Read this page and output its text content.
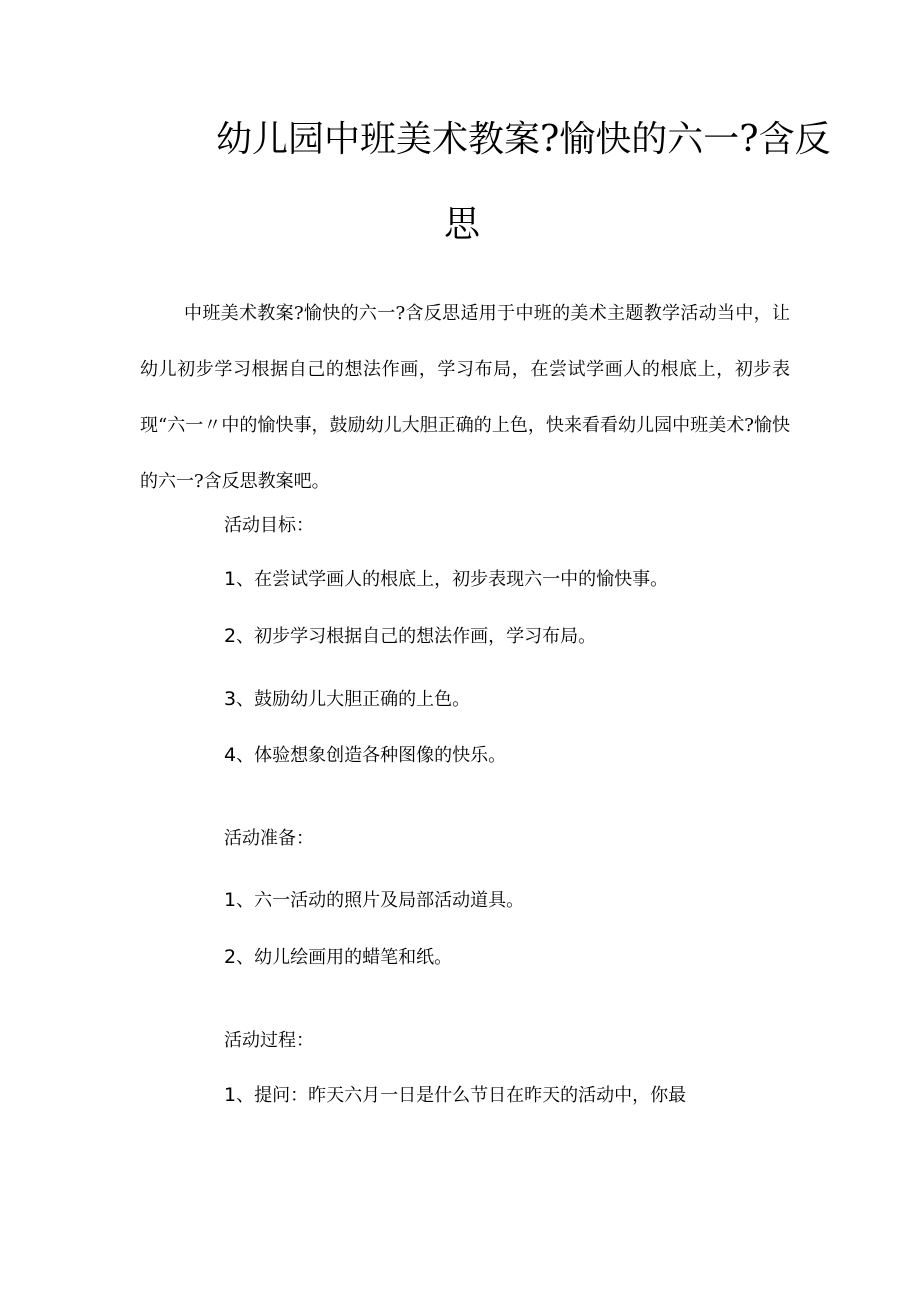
幼儿园中班美术教案?愉快的六一?含反
思

中班美术教案?愉快的六一?含反思适用于中班的美术主题教学活动当中，让幼儿初步学习根据自己的想法作画，学习布局，在尝试学画人的根底上，初步表现“六一〃中的愉快事，鼓励幼儿大胆正确的上色，快来看看幼儿园中班美术?愉快的六一?含反思教案吧。

活动目标：

1、在尝试学画人的根底上，初步表现六一中的愉快事。

2、初步学习根据自己的想法作画，学习布局。

3、鼓励幼儿大胆正确的上色。

4、体验想象创造各种图像的快乐。

活动准备：

1、六一活动的照片及局部活动道具。

2、幼儿绘画用的蜡笔和纸。

活动过程：

1、提问：昨天六月一日是什么节日在昨天的活动中，你最
